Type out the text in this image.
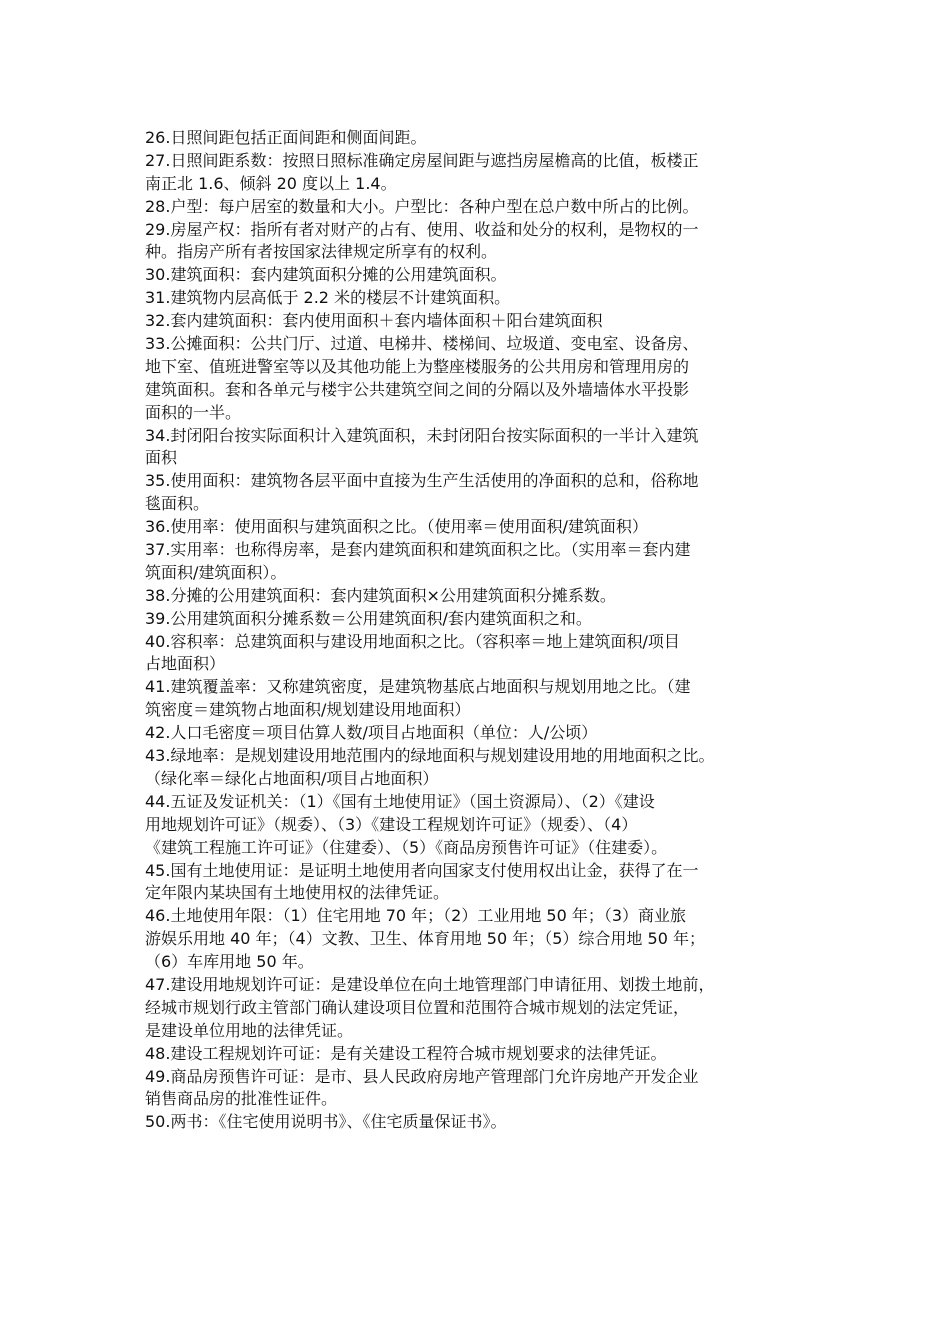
26.日照间距包括正面间距和侧面间距。
27.日照间距系数：按照日照标准确定房屋间距与遮挡房屋檐高的比值，板楼正
南正北 1.6、倾斜 20 度以上 1.4。
28.户型：每户居室的数量和大小。户型比：各种户型在总户数中所占的比例。
29.房屋产权：指所有者对财产的占有、使用、收益和处分的权利，是物权的一
种。指房产所有者按国家法律规定所享有的权利。
30.建筑面积：套内建筑面积分摊的公用建筑面积。
31.建筑物内层高低于 2.2 米的楼层不计建筑面积。
32.套内建筑面积：套内使用面积＋套内墙体面积＋阳台建筑面积
33.公摊面积：公共门厅、过道、电梯井、楼梯间、垃圾道、变电室、设备房、
地下室、值班进警室等以及其他功能上为整座楼服务的公共用房和管理用房的
建筑面积。套和各单元与楼宇公共建筑空间之间的分隔以及外墙墙体水平投影
面积的一半。
34.封闭阳台按实际面积计入建筑面积，未封闭阳台按实际面积的一半计入建筑
面积
35.使用面积：建筑物各层平面中直接为生产生活使用的净面积的总和，俗称地
毯面积。
36.使用率：使用面积与建筑面积之比。（使用率＝使用面积/建筑面积）
37.实用率：也称得房率，是套内建筑面积和建筑面积之比。（实用率＝套内建
筑面积/建筑面积）。
38.分摊的公用建筑面积：套内建筑面积×公用建筑面积分摊系数。
39.公用建筑面积分摊系数＝公用建筑面积/套内建筑面积之和。
40.容积率：总建筑面积与建设用地面积之比。（容积率＝地上建筑面积/项目
占地面积）
41.建筑覆盖率：又称建筑密度，是建筑物基底占地面积与规划用地之比。（建
筑密度＝建筑物占地面积/规划建设用地面积）
42.人口毛密度＝项目估算人数/项目占地面积（单位：人/公顷）
43.绿地率：是规划建设用地范围内的绿地面积与规划建设用地的用地面积之比。
（绿化率＝绿化占地面积/项目占地面积）
44.五证及发证机关：（1）《国有土地使用证》（国土资源局）、（2）《建设
用地规划许可证》（规委）、（3）《建设工程规划许可证》（规委）、（4）
《建筑工程施工许可证》（住建委）、（5）《商品房预售许可证》（住建委）。
45.国有土地使用证：是证明土地使用者向国家支付使用权出让金，获得了在一
定年限内某块国有土地使用权的法律凭证。
46.土地使用年限：（1）住宅用地 70 年；（2）工业用地 50 年；（3）商业旅
游娱乐用地 40 年；（4）文教、卫生、体育用地 50 年；（5）综合用地 50 年；
（6）车库用地 50 年。
47.建设用地规划许可证：是建设单位在向土地管理部门申请征用、划拨土地前，
经城市规划行政主管部门确认建设项目位置和范围符合城市规划的法定凭证，
是建设单位用地的法律凭证。
48.建设工程规划许可证：是有关建设工程符合城市规划要求的法律凭证。
49.商品房预售许可证：是市、县人民政府房地产管理部门允许房地产开发企业
销售商品房的批准性证件。
50.两书：《住宅使用说明书》、《住宅质量保证书》。
